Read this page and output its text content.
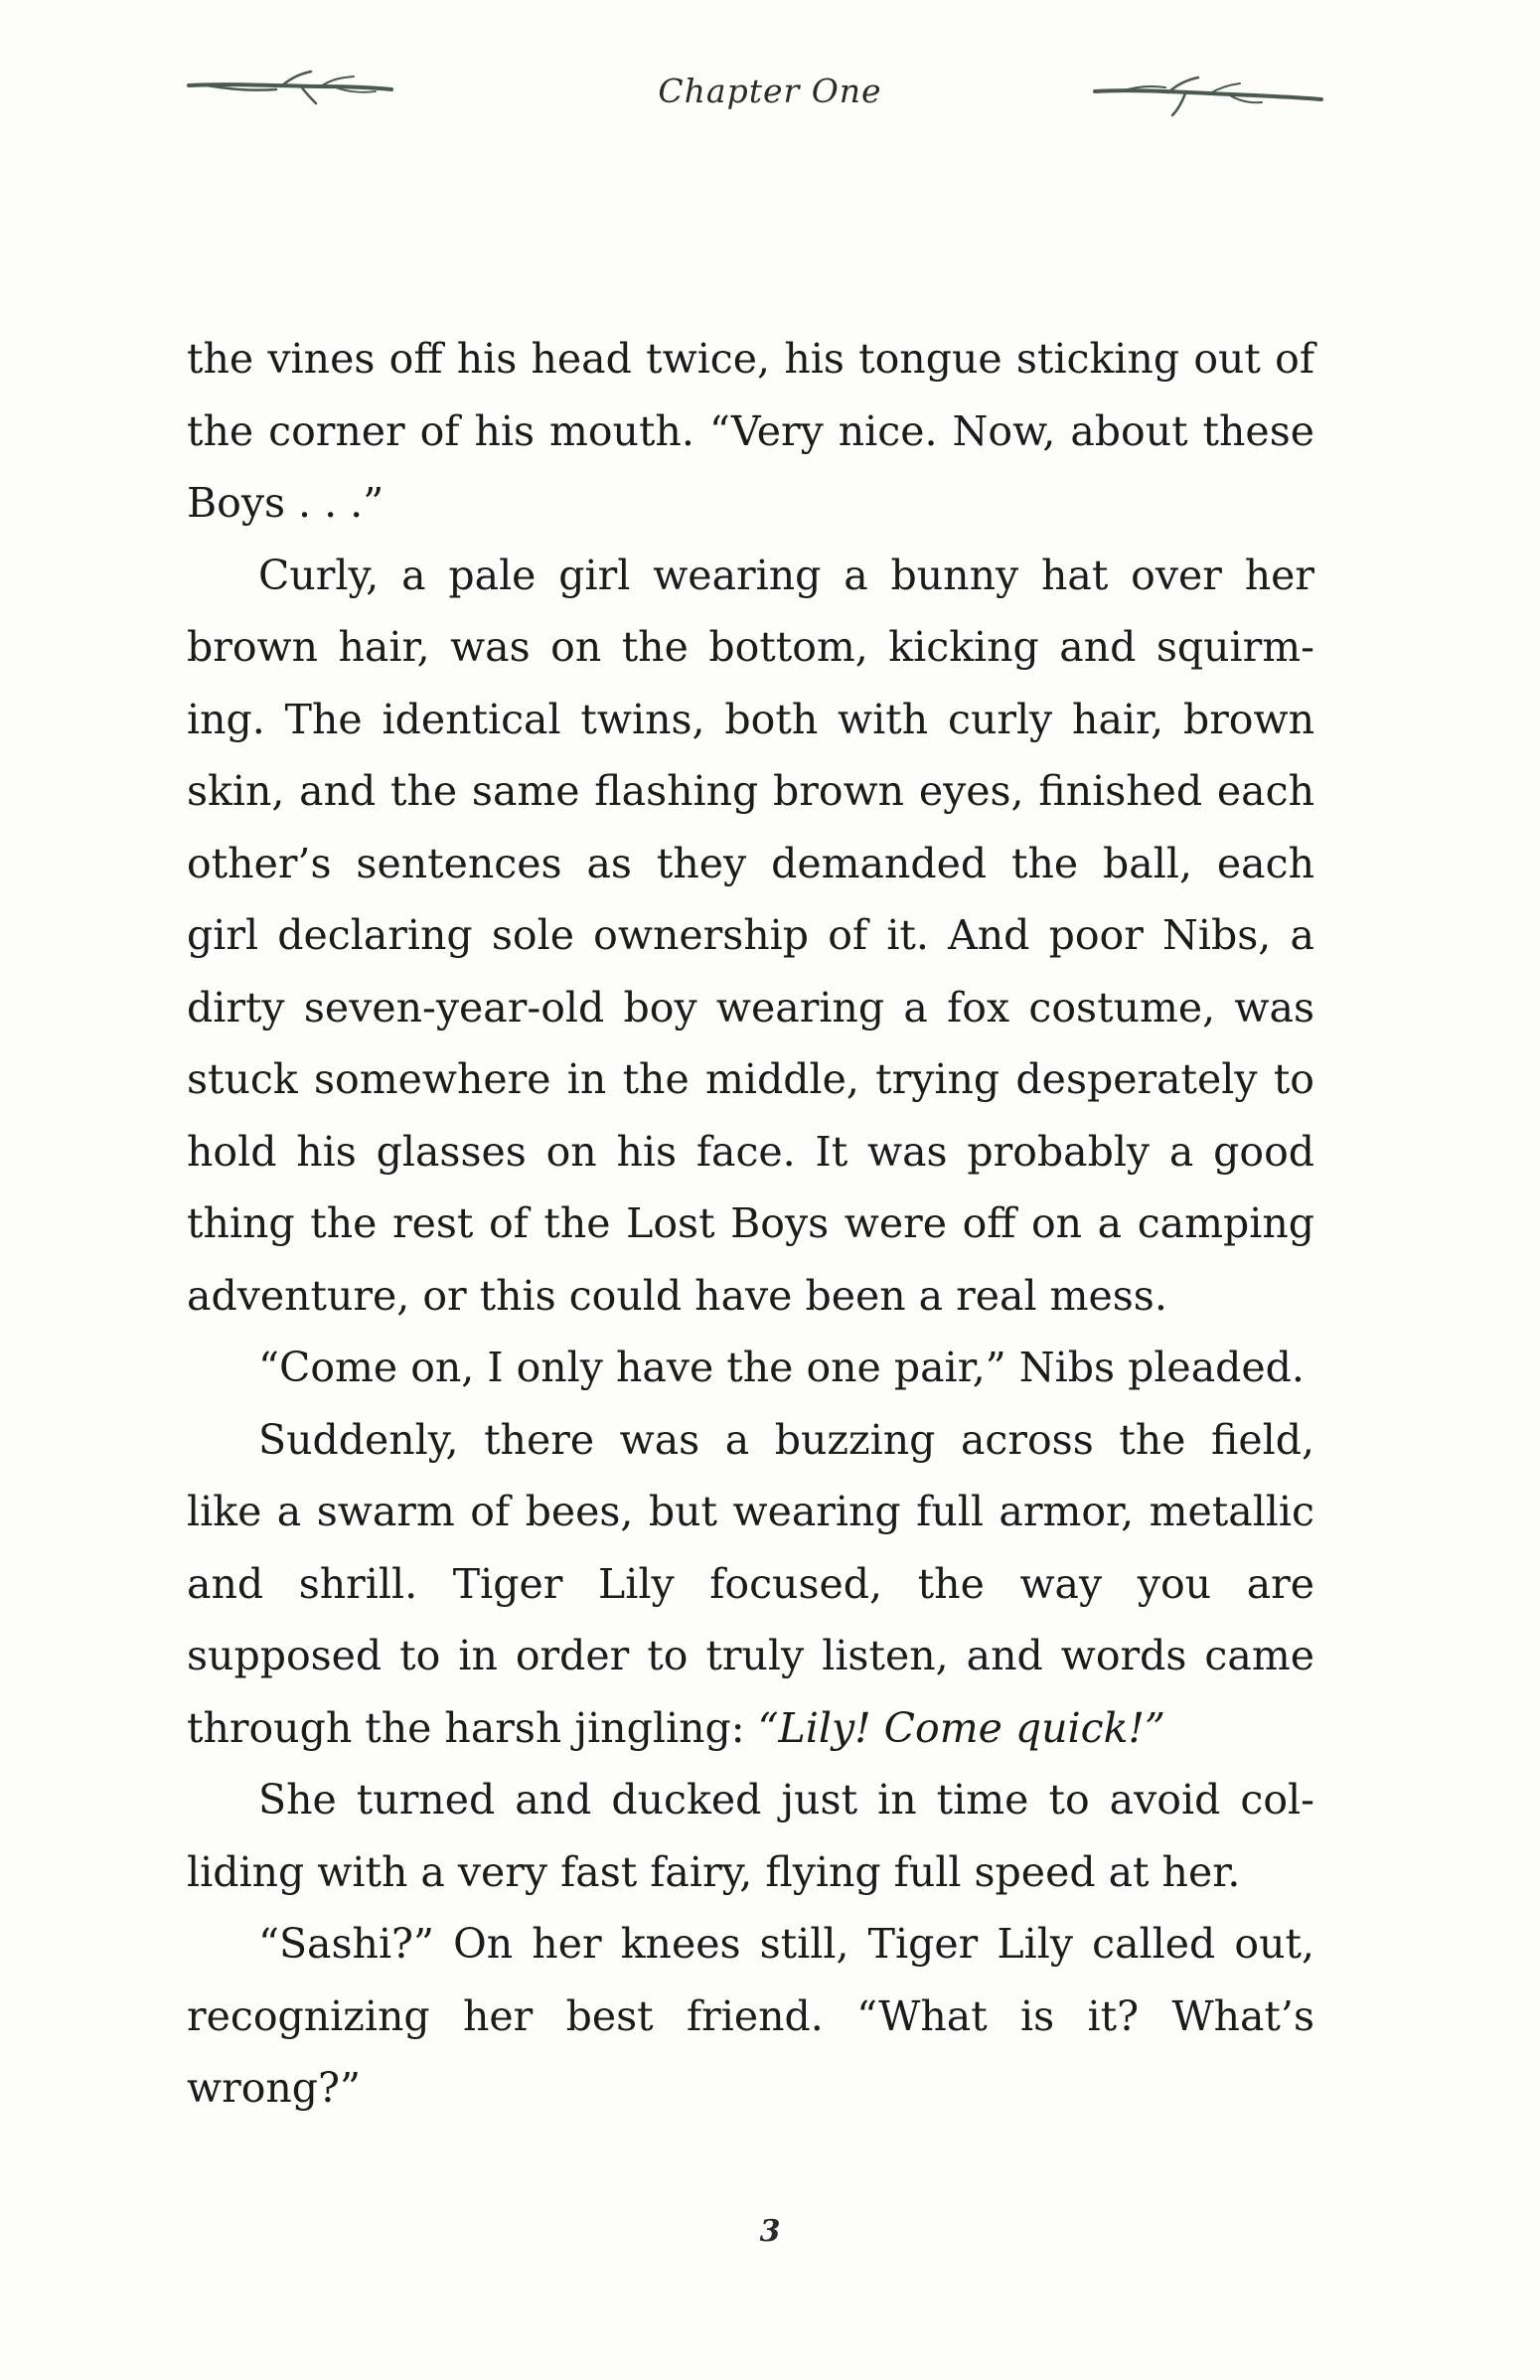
Chapter One

the vines off his head twice, his tongue sticking out of the corner of his mouth. “Very nice. Now, about these Boys . . .”

Curly, a pale girl wearing a bunny hat over her brown hair, was on the bottom, kicking and squirming. The identical twins, both with curly hair, brown skin, and the same flashing brown eyes, finished each other’s sentences as they demanded the ball, each girl declaring sole ownership of it. And poor Nibs, a dirty seven-year-old boy wearing a fox costume, was stuck somewhere in the middle, trying desperately to hold his glasses on his face. It was probably a good thing the rest of the Lost Boys were off on a camping adventure, or this could have been a real mess.

“Come on, I only have the one pair,” Nibs pleaded.

Suddenly, there was a buzzing across the field, like a swarm of bees, but wearing full armor, metallic and shrill. Tiger Lily focused, the way you are supposed to in order to truly listen, and words came through the harsh jingling: “Lily! Come quick!”

She turned and ducked just in time to avoid colliding with a very fast fairy, flying full speed at her.

“Sashi?” On her knees still, Tiger Lily called out, recognizing her best friend. “What is it? What’s wrong?”

3
